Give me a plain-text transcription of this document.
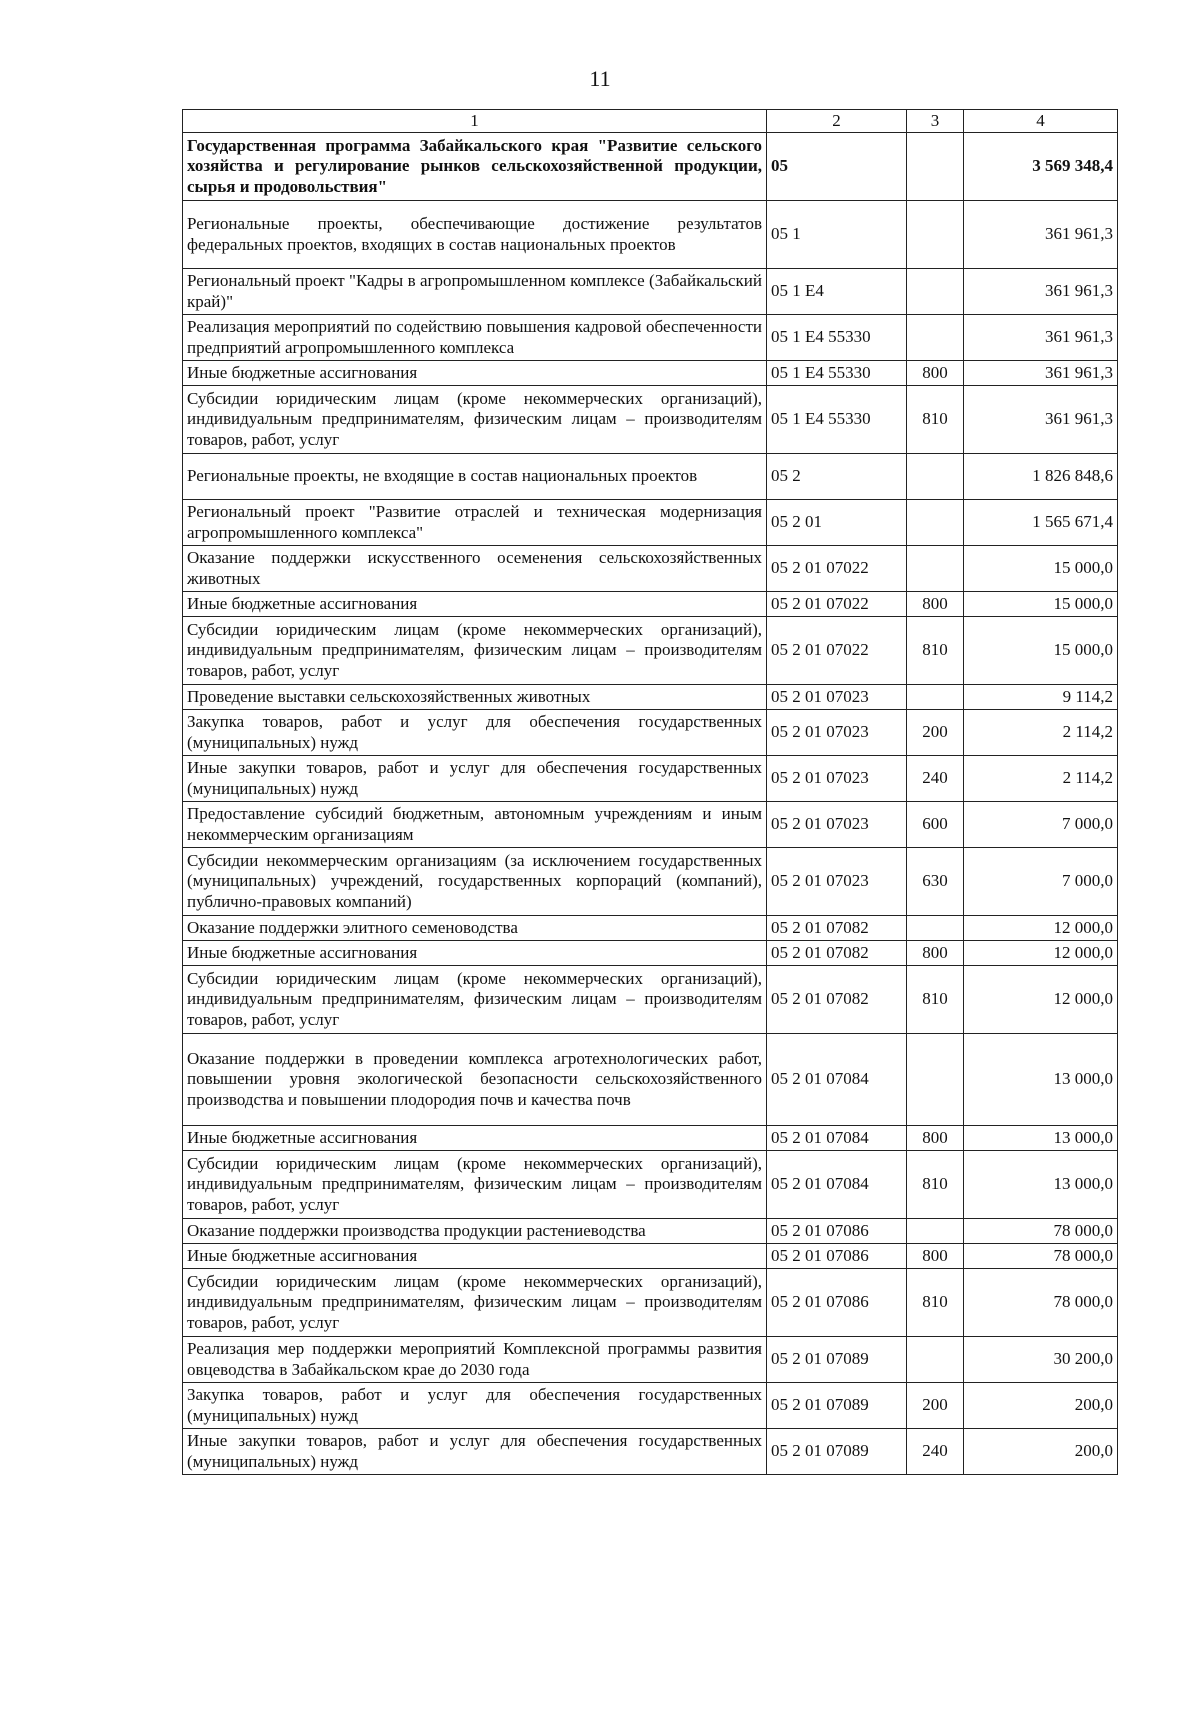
11
1	2	3	4
Государственная программа Забайкальского края "Развитие сельского хозяйства и регулирование рынков сельскохозяйственной продукции, сырья и продовольствия"	05		3 569 348,4
Региональные проекты, обеспечивающие достижение результатов федеральных проектов, входящих в состав национальных проектов	05 1		361 961,3
Региональный проект "Кадры в агропромышленном комплексе (Забайкальский край)"	05 1 Е4		361 961,3
Реализация мероприятий по содействию повышения кадровой обеспеченности предприятий агропромышленного комплекса	05 1 Е4 55330		361 961,3
Иные бюджетные ассигнования	05 1 Е4 55330	800	361 961,3
Субсидии юридическим лицам (кроме некоммерческих организаций), индивидуальным предпринимателям, физическим лицам – производителям товаров, работ, услуг	05 1 Е4 55330	810	361 961,3
Региональные проекты, не входящие в состав национальных проектов	05 2		1 826 848,6
Региональный проект "Развитие отраслей и техническая модернизация агропромышленного комплекса"	05 2 01		1 565 671,4
Оказание поддержки искусственного осеменения сельскохозяйственных животных	05 2 01 07022		15 000,0
Иные бюджетные ассигнования	05 2 01 07022	800	15 000,0
Субсидии юридическим лицам (кроме некоммерческих организаций), индивидуальным предпринимателям, физическим лицам – производителям товаров, работ, услуг	05 2 01 07022	810	15 000,0
Проведение выставки сельскохозяйственных животных	05 2 01 07023		9 114,2
Закупка товаров, работ и услуг для обеспечения государственных (муниципальных) нужд	05 2 01 07023	200	2 114,2
Иные закупки товаров, работ и услуг для обеспечения государственных (муниципальных) нужд	05 2 01 07023	240	2 114,2
Предоставление субсидий бюджетным, автономным учреждениям и иным некоммерческим организациям	05 2 01 07023	600	7 000,0
Субсидии некоммерческим организациям (за исключением государственных (муниципальных) учреждений, государственных корпораций (компаний), публично-правовых компаний)	05 2 01 07023	630	7 000,0
Оказание поддержки элитного семеноводства	05 2 01 07082		12 000,0
Иные бюджетные ассигнования	05 2 01 07082	800	12 000,0
Субсидии юридическим лицам (кроме некоммерческих организаций), индивидуальным предпринимателям, физическим лицам – производителям товаров, работ, услуг	05 2 01 07082	810	12 000,0
Оказание поддержки в проведении комплекса агротехнологических работ, повышении уровня экологической безопасности сельскохозяйственного производства и повышении плодородия почв и качества почв	05 2 01 07084		13 000,0
Иные бюджетные ассигнования	05 2 01 07084	800	13 000,0
Субсидии юридическим лицам (кроме некоммерческих организаций), индивидуальным предпринимателям, физическим лицам – производителям товаров, работ, услуг	05 2 01 07084	810	13 000,0
Оказание поддержки производства продукции растениеводства	05 2 01 07086		78 000,0
Иные бюджетные ассигнования	05 2 01 07086	800	78 000,0
Субсидии юридическим лицам (кроме некоммерческих организаций), индивидуальным предпринимателям, физическим лицам – производителям товаров, работ, услуг	05 2 01 07086	810	78 000,0
Реализация мер поддержки мероприятий Комплексной программы развития овцеводства в Забайкальском крае до 2030 года	05 2 01 07089		30 200,0
Закупка товаров, работ и услуг для обеспечения государственных (муниципальных) нужд	05 2 01 07089	200	200,0
Иные закупки товаров, работ и услуг для обеспечения государственных (муниципальных) нужд	05 2 01 07089	240	200,0
